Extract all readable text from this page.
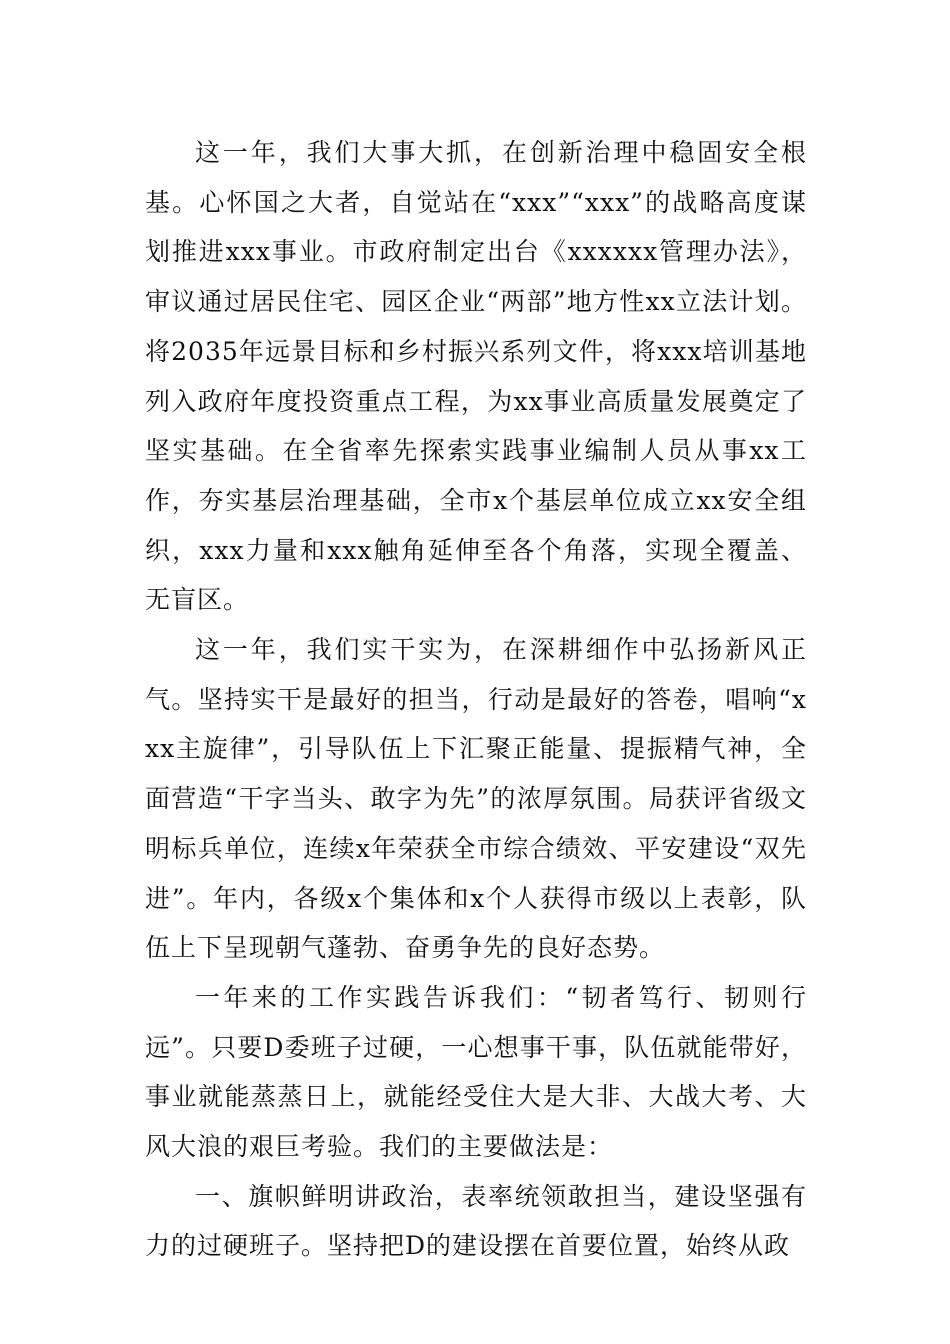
这一年，我们大事大抓，在创新治理中稳固安全根基。心怀国之大者，自觉站在“xxx”“xxx”的战略高度谋划推进xxx事业。市政府制定出台《xxxxxx管理办法》，审议通过居民住宅、园区企业“两部”地方性xx立法计划。将2035年远景目标和乡村振兴系列文件，将xxx培训基地列入政府年度投资重点工程，为xx事业高质量发展奠定了坚实基础。在全省率先探索实践事业编制人员从事xx工作，夯实基层治理基础，全市x个基层单位成立xx安全组织，xxx力量和xxx触角延伸至各个角落，实现全覆盖、无盲区。

这一年，我们实干实为，在深耕细作中弘扬新风正气。坚持实干是最好的担当，行动是最好的答卷，唱响“xxx主旋律”，引导队伍上下汇聚正能量、提振精气神，全面营造“干字当头、敢字为先”的浓厚氛围。局获评省级文明标兵单位，连续x年荣获全市综合绩效、平安建设“双先进”。年内，各级x个集体和x个人获得市级以上表彰，队伍上下呈现朝气蓬勃、奋勇争先的良好态势。

一年来的工作实践告诉我们：“韧者笃行、韧则行远”。只要D委班子过硬，一心想事干事，队伍就能带好，事业就能蒸蒸日上，就能经受住大是大非、大战大考、大风大浪的艰巨考验。我们的主要做法是：

一、旗帜鲜明讲政治，表率统领敢担当，建设坚强有力的过硬班子。坚持把D的建设摆在首要位置，始终从政
